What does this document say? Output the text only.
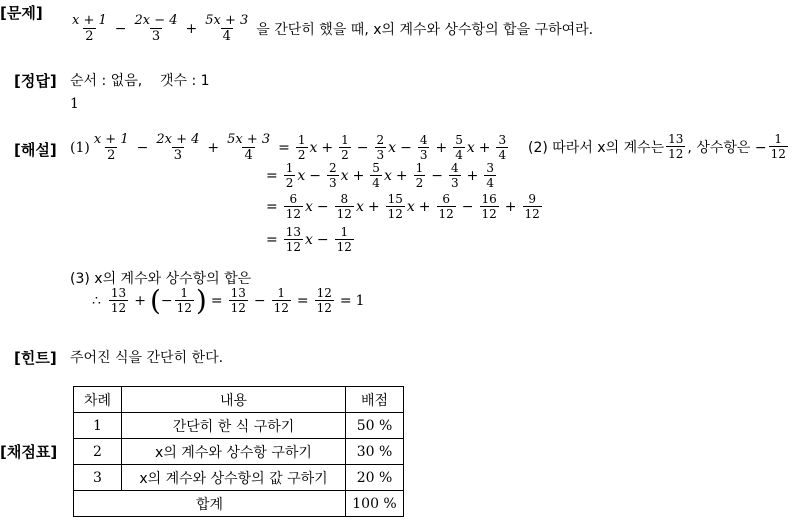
[문제]
[정답]
[해설]
[힌트]
[채점표]
$\frac{x + 1}{2} - \frac{2x - 4}{3} + \frac{5x + 3}{4}$ 을 간단히 했을 때, x의 계수와 상수항의 합을 구하여라.
순서 : 없음,    갯수 : 1
1
$(1) \frac{x + 1}{2} - \frac{2x + 4}{3} + \frac{5x + 3}{4} = \frac{1}{2}$ $x + \frac{1}{2} - \frac{2}{3}$ $x - \frac{4}{3} + \frac{5}{4}$ $x + \frac{3}{4}$
= $\frac{1}{2}$ $x - \frac{2}{3}$ $x + \frac{5}{4}$ $x + \frac{1}{2} - \frac{4}{3} + \frac{3}{4}$
= $\frac{6}{12}$ $x - \frac{8}{12}$ $x + \frac{15}{12}$ $x + \frac{6}{12} - \frac{16}{12} + \frac{9}{12}$
= $\frac{13}{12}$ $x - \frac{1}{12}$
(2) 따라서 x의 계수는 $\frac{13}{12}$ , 상수항은 − $\frac{1}{12}$
(3) x의 계수와 상수항의 합은
∴ $\frac{13}{12}$ + ( − $\frac{1}{12}$ ) = $\frac{13}{12} - \frac{1}{12} = \frac{12}{12} = 1$
주어진 식을 간단히 한다.
차례	내용	배점
1	간단히 한 식 구하기	50 %
2	x의 계수와 상수항 구하기	30 %
3	x의 계수와 상수항의 값 구하기	20 %
합계		100 %
